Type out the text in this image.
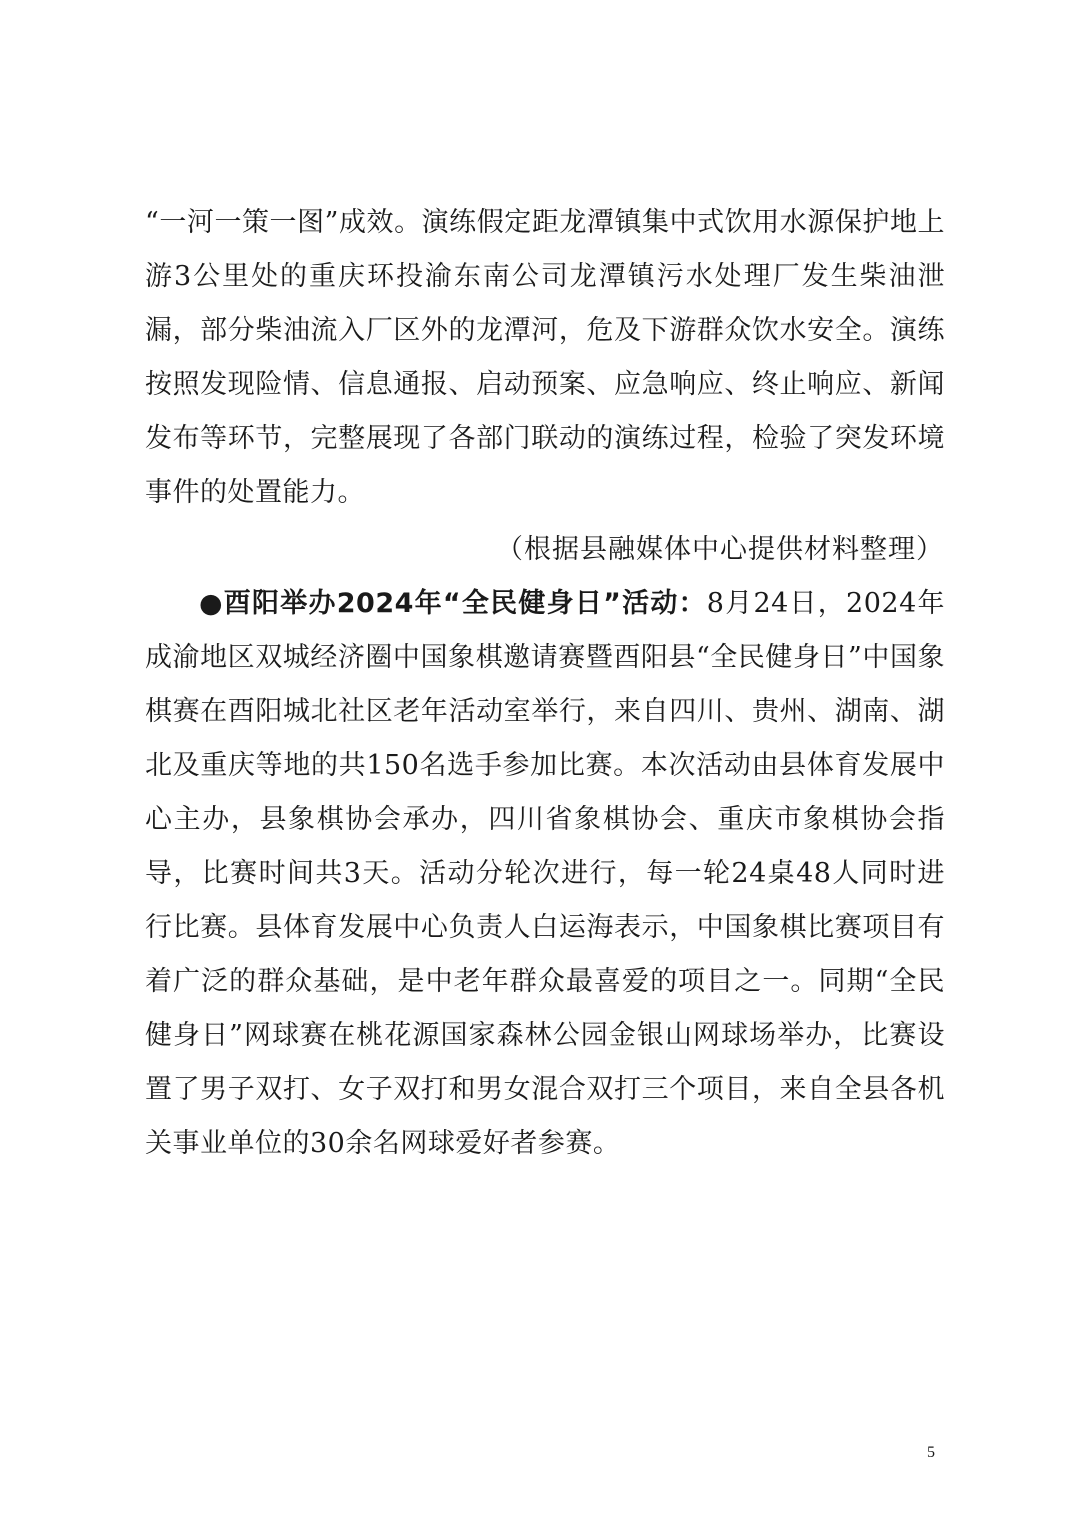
“一河一策一图”成效。演练假定距龙潭镇集中式饮用水源保护地上游3公里处的重庆环投渝东南公司龙潭镇污水处理厂发生柴油泄漏，部分柴油流入厂区外的龙潭河，危及下游群众饮水安全。演练按照发现险情、信息通报、启动预案、应急响应、终止响应、新闻发布等环节，完整展现了各部门联动的演练过程，检验了突发环境事件的处置能力。

（根据县融媒体中心提供材料整理）

●酉阳举办2024年“全民健身日”活动：8月24日，2024年成渝地区双城经济圈中国象棋邀请赛暨酉阳县“全民健身日”中国象棋赛在酉阳城北社区老年活动室举行，来自四川、贵州、湖南、湖北及重庆等地的共150名选手参加比赛。本次活动由县体育发展中心主办，县象棋协会承办，四川省象棋协会、重庆市象棋协会指导，比赛时间共3天。活动分轮次进行，每一轮24桌48人同时进行比赛。县体育发展中心负责人白运海表示，中国象棋比赛项目有着广泛的群众基础，是中老年群众最喜爱的项目之一。同期“全民健身日”网球赛在桃花源国家森林公园金银山网球场举办，比赛设置了男子双打、女子双打和男女混合双打三个项目，来自全县各机关事业单位的30余名网球爱好者参赛。

5
